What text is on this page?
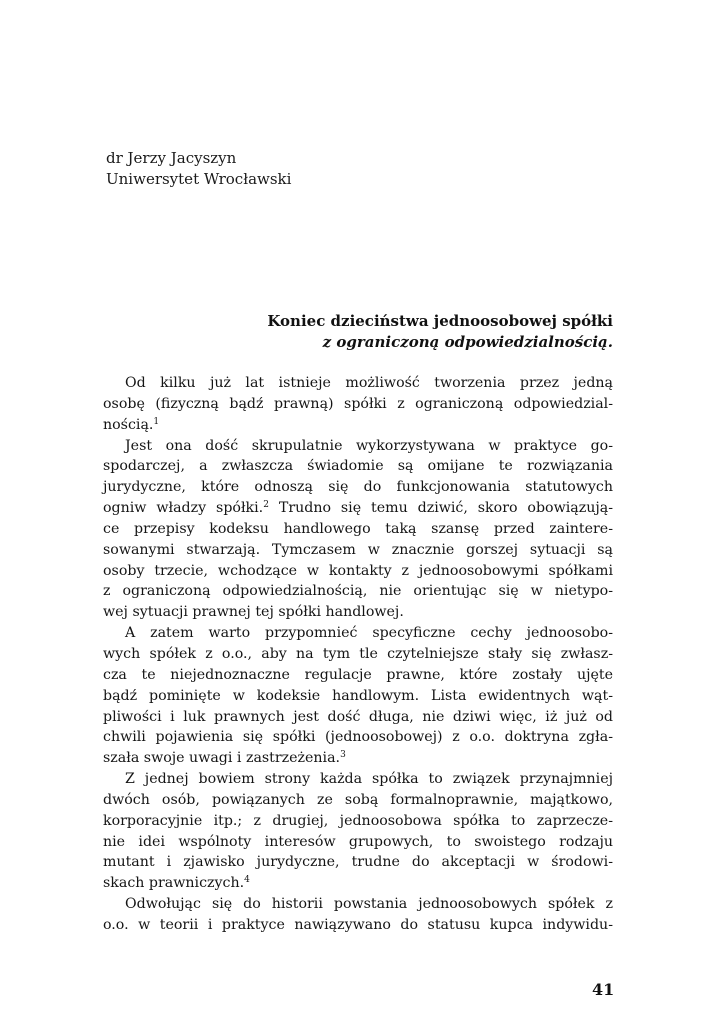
dr Jerzy Jacyszyn
Uniwersytet Wrocławski
Koniec dzieciństwa jednoosobowej spółki
z ograniczoną odpowiedzialnością.
Od kilku już lat istnieje możliwość tworzenia przez jedną
osobę (fizyczną bądź prawną) spółki z ograniczoną odpowiedzial-
nością.$^1$
Jest ona dość skrupulatnie wykorzystywana w praktyce go-
spodarczej, a zwłaszcza świadomie są omijane te rozwiązania
jurydyczne, które odnoszą się do funkcjonowania statutowych
ogniw władzy spółki.$^2$ Trudno się temu dziwić, skoro obowiązują-
ce przepisy kodeksu handlowego taką szansę przed zaintere-
sowanymi stwarzają. Tymczasem w znacznie gorszej sytuacji są
osoby trzecie, wchodzące w kontakty z jednoosobowymi spółkami
z ograniczoną odpowiedzialnością, nie orientując się w nietypo-
wej sytuacji prawnej tej spółki handlowej.
A zatem warto przypomnieć specyficzne cechy jednoosobo-
wych spółek z o.o., aby na tym tle czytelniejsze stały się zwłasz-
cza te niejednoznaczne regulacje prawne, które zostały ujęte
bądź pominięte w kodeksie handlowym. Lista ewidentnych wąt-
pliwości i luk prawnych jest dość długa, nie dziwi więc, iż już od
chwili pojawienia się spółki (jednoosobowej) z o.o. doktryna zgła-
szała swoje uwagi i zastrzeżenia.$^3$
Z jednej bowiem strony każda spółka to związek przynajmniej
dwóch osób, powiązanych ze sobą formalnoprawnie, majątkowo,
korporacyjnie itp.; z drugiej, jednoosobowa spółka to zaprzecze-
nie idei wspólnoty interesów grupowych, to swoistego rodzaju
mutant i zjawisko jurydyczne, trudne do akceptacji w środowi-
skach prawniczych.$^4$
Odwołując się do historii powstania jednoosobowych spółek z
o.o. w teorii i praktyce nawiązywano do statusu kupca indywidu-
41
